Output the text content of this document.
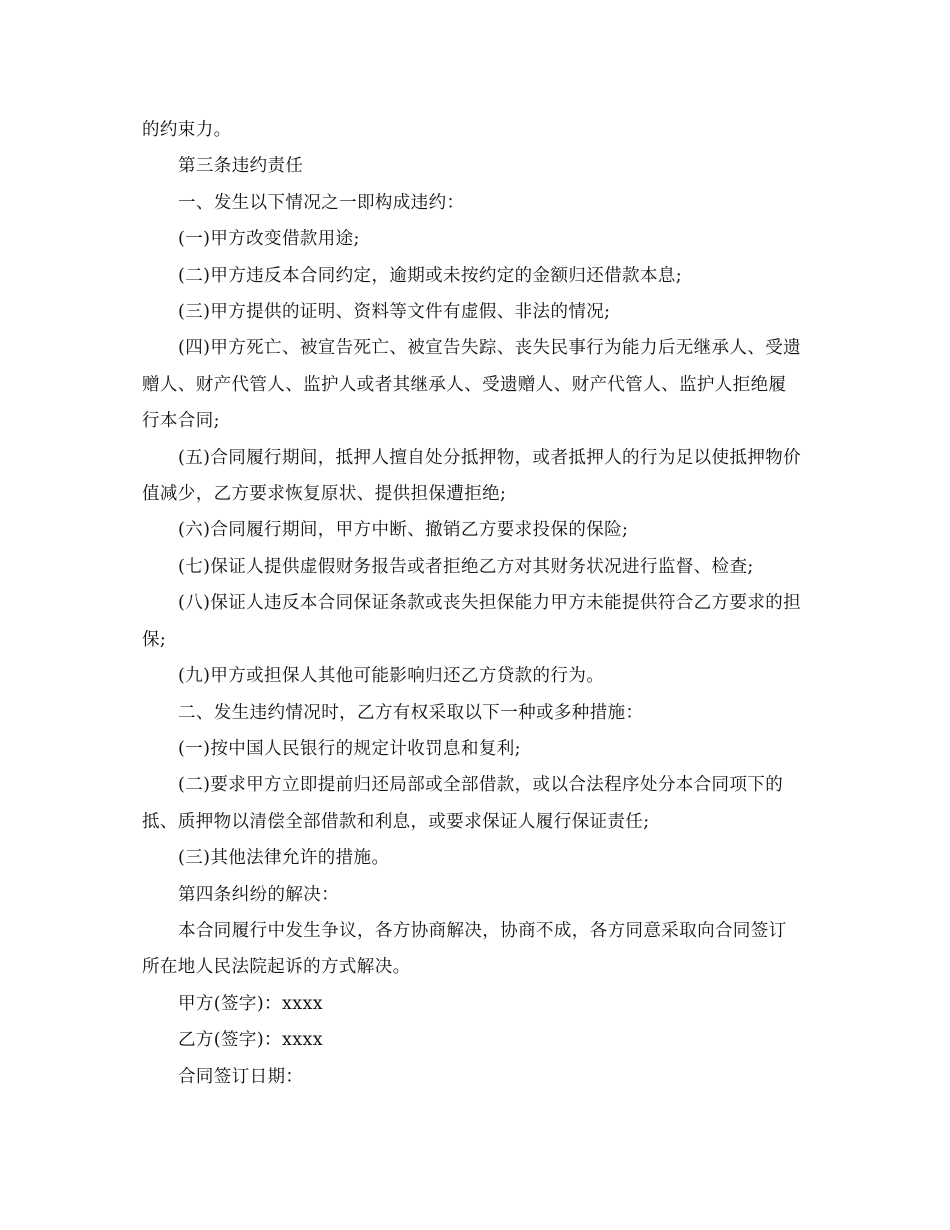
的约束力。

第三条违约责任

一、发生以下情况之一即构成违约：

(一)甲方改变借款用途;

(二)甲方违反本合同约定，逾期或未按约定的金额归还借款本息;

(三)甲方提供的证明、资料等文件有虚假、非法的情况;

(四)甲方死亡、被宣告死亡、被宣告失踪、丧失民事行为能力后无继承人、受遗赠人、财产代管人、监护人或者其继承人、受遗赠人、财产代管人、监护人拒绝履行本合同;

(五)合同履行期间，抵押人擅自处分抵押物，或者抵押人的行为足以使抵押物价值减少，乙方要求恢复原状、提供担保遭拒绝;

(六)合同履行期间，甲方中断、撤销乙方要求投保的保险;

(七)保证人提供虚假财务报告或者拒绝乙方对其财务状况进行监督、检查;

(八)保证人违反本合同保证条款或丧失担保能力甲方未能提供符合乙方要求的担保;

(九)甲方或担保人其他可能影响归还乙方贷款的行为。

二、发生违约情况时，乙方有权采取以下一种或多种措施：

(一)按中国人民银行的规定计收罚息和复利;

(二)要求甲方立即提前归还局部或全部借款，或以合法程序处分本合同项下的抵、质押物以清偿全部借款和利息，或要求保证人履行保证责任;

(三)其他法律允许的措施。

第四条纠纷的解决：

本合同履行中发生争议，各方协商解决，协商不成，各方同意采取向合同签订所在地人民法院起诉的方式解决。

甲方(签字)：xxxx

乙方(签字)：xxxx

合同签订日期：
